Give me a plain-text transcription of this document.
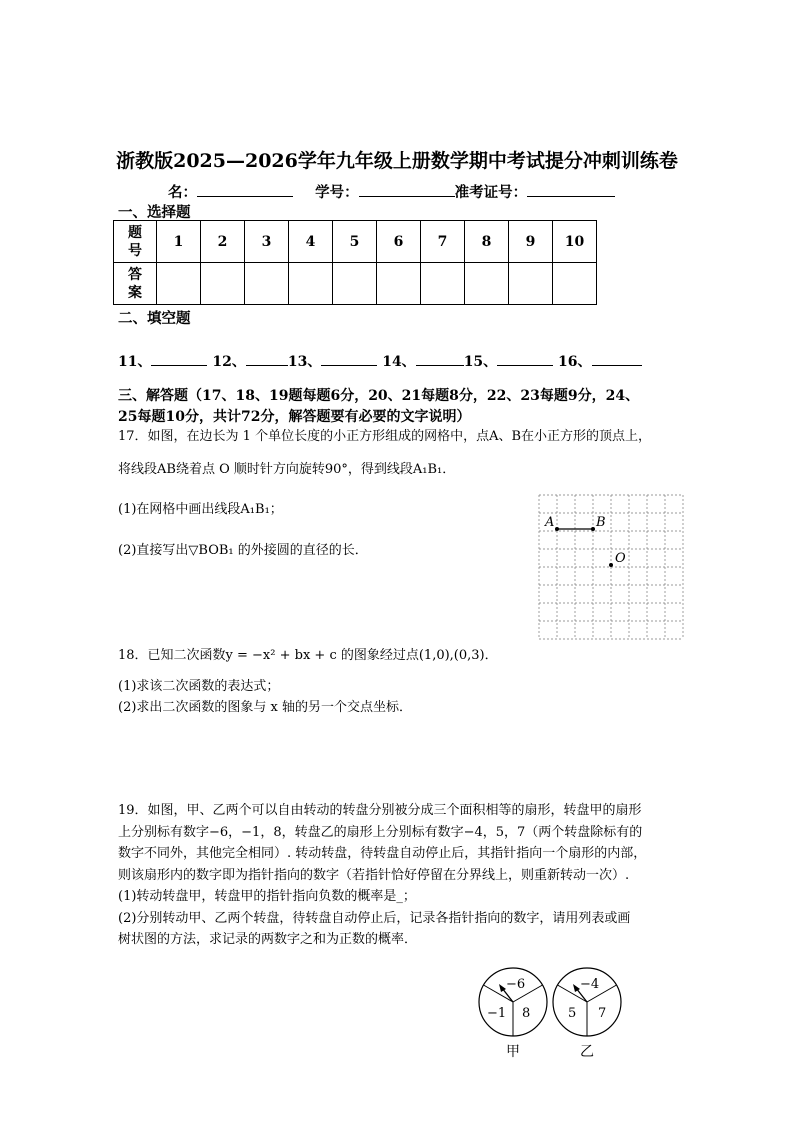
浙教版2025—2026学年九年级上册数学期中考试提分冲刺训练卷
名：	学号：	准考证号：
一、选择题
题
号	1	2	3	4	5	6	7	8	9	10

答
案										

二、填空题
11、	12、	13、	14、	15、	16、
三、解答题（17、18、19题每题6分，20、21每题8分，22、23每题9分，24、
25每题10分，共计72分，解答题要有必要的文字说明）
17．如图，在边长为 1 个单位长度的小正方形组成的网格中，点A、B在小正方形的顶点上，
将线段AB绕着点 O 顺时针方向旋转90°，得到线段A₁B₁．
(1)在网格中画出线段A₁B₁；
(2)直接写出▽BOB₁ 的外接圆的直径的长．
A	B
O
18．已知二次函数y = −x² + bx + c 的图象经过点(1,0),(0,3)．
(1)求该二次函数的表达式；
(2)求出二次函数的图象与 x 轴的另一个交点坐标．
19．如图，甲、乙两个可以自由转动的转盘分别被分成三个面积相等的扇形，转盘甲的扇形
上分别标有数字−6，−1，8，转盘乙的扇形上分别标有数字−4，5，7（两个转盘除标有的
数字不同外，其他完全相同）. 转动转盘，待转盘自动停止后，其指针指向一个扇形的内部，
则该扇形内的数字即为指针指向的数字（若指针恰好停留在分界线上，则重新转动一次）.
(1)转动转盘甲，转盘甲的指针指向负数的概率是_；
(2)分别转动甲、乙两个转盘，待转盘自动停止后，记录各指针指向的数字，请用列表或画
树状图的方法，求记录的两数字之和为正数的概率．
−6
−1 8
甲
−4
5 7
乙
